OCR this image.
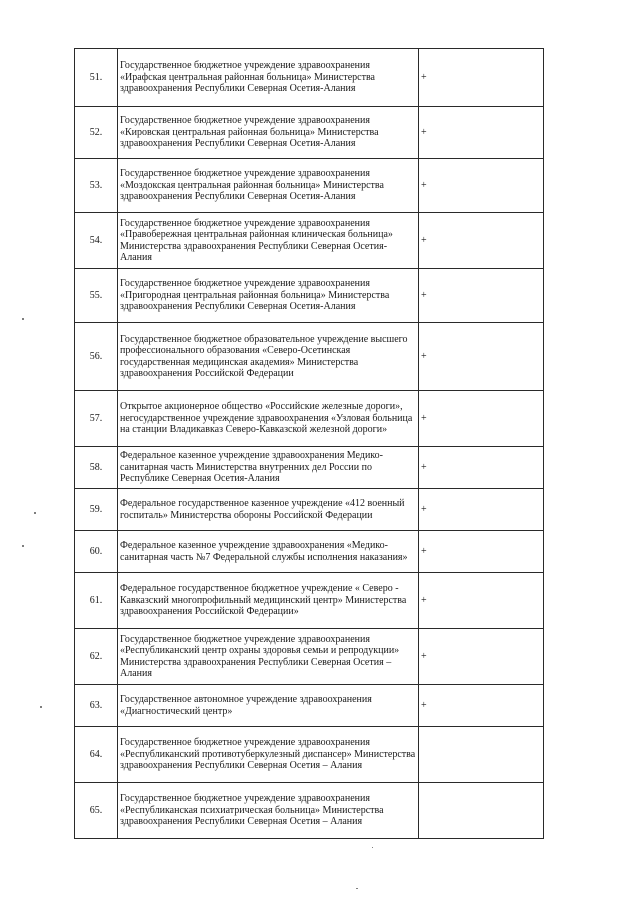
51.	Государственное бюджетное учреждение здравоохранения «Ирафская центральная районная больница» Министерства здравоохранения Республики Северная Осетия-Алания	+
52.	Государственное бюджетное учреждение здравоохранения «Кировская центральная районная больница» Министерства здравоохранения Республики Северная Осетия-Алания	+
53.	Государственное бюджетное учреждение здравоохранения «Моздокская центральная районная больница» Министерства здравоохранения Республики Северная Осетия-Алания	+
54.	Государственное бюджетное учреждение здравоохранения «Правобережная центральная районная клиническая больница» Министерства здравоохранения Республики Северная Осетия-Алания	+
55.	Государственное бюджетное учреждение здравоохранения «Пригородная центральная районная больница» Министерства здравоохранения Республики Северная Осетия-Алания	+
56.	Государственное бюджетное образовательное учреждение высшего профессионального образования «Северо-Осетинская государственная медицинская академия» Министерства здравоохранения Российской Федерации	+
57.	Открытое акционерное общество «Российские железные дороги», негосударственное учреждение здравоохранения «Узловая больница на станции Владикавказ Северо-Кавказской железной дороги»	+
58.	Федеральное казенное учреждение здравоохранения Медико-санитарная часть Министерства внутренних дел России по Республике Северная Осетия-Алания	+
59.	Федеральное государственное казенное учреждение «412 военный госпиталь» Министерства обороны Российской Федерации	+
60.	Федеральное казенное учреждение здравоохранения «Медико-санитарная часть №7 Федеральной службы исполнения наказания»	+
61.	Федеральное государственное бюджетное учреждение « Северо - Кавказский многопрофильный медицинский центр» Министерства здравоохранения Российской Федерации»	+
62.	Государственное бюджетное учреждение здравоохранения «Республиканский центр охраны здоровья семьи и репродукции» Министерства здравоохранения Республики Северная Осетия – Алания	+
63.	Государственное автономное учреждение здравоохранения «Диагностический центр»	+
64.	Государственное бюджетное учреждение здравоохранения «Республиканский противотуберкулезный диспансер» Министерства здравоохранения Республики Северная Осетия – Алания	
65.	Государственное бюджетное учреждение здравоохранения «Республиканская психиатрическая больница» Министерства здравоохранения Республики Северная Осетия – Алания	
